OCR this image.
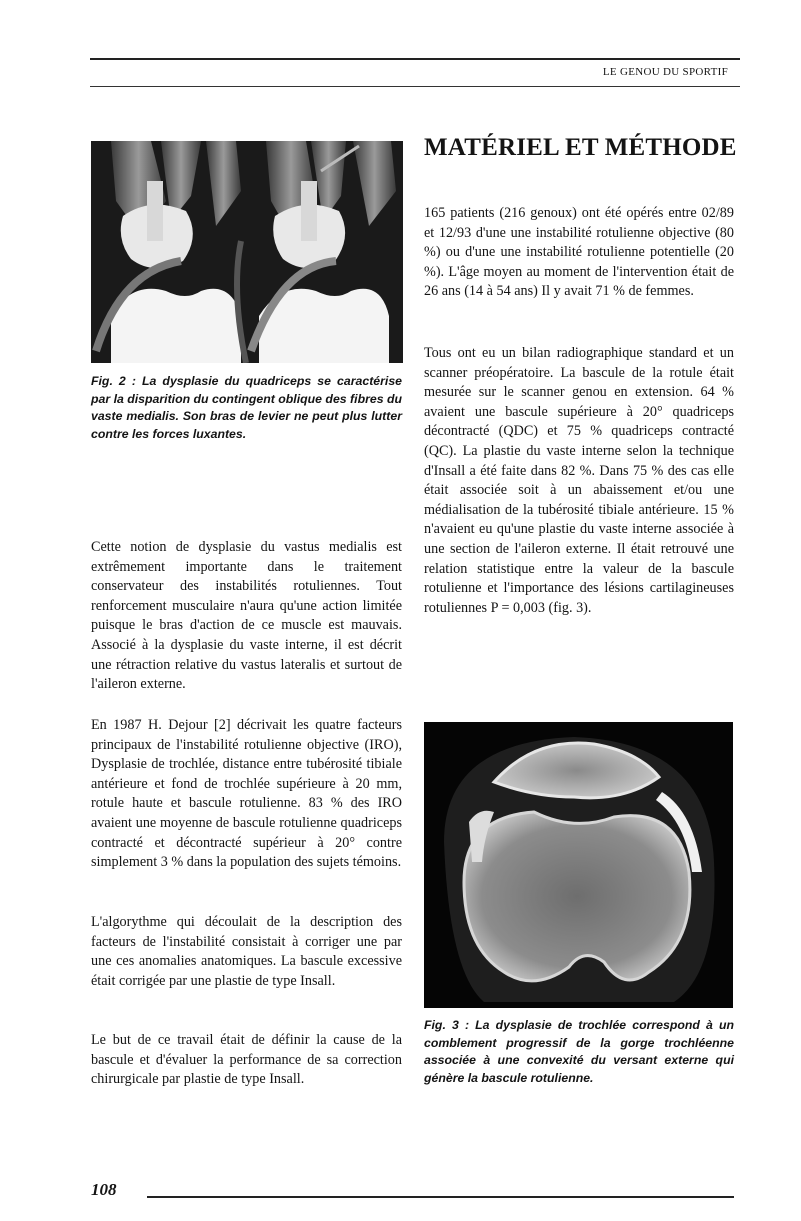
LE GENOU DU SPORTIF
Fig. 2 : La dysplasie du quadriceps se caractérise par la disparition du contingent oblique des fibres du vaste medialis. Son bras de levier ne peut plus lutter contre les forces luxantes.
MATÉRIEL ET MÉTHODE

165 patients (216 genoux) ont été opérés entre 02/89 et 12/93 d'une une instabilité rotulienne objective (80 %) ou d'une une instabilité rotulienne potentielle (20 %). L'âge moyen au moment de l'intervention était de 26 ans (14 à 54 ans) Il y avait 71 % de femmes.

Tous ont eu un bilan radiographique standard et un scanner préopératoire. La bascule de la rotule était mesurée sur le scanner genou en extension. 64 % avaient une bascule supérieure à 20° quadriceps décontracté (QDC) et 75 % quadriceps contracté (QC). La plastie du vaste interne selon la technique d'Insall a été faite dans 82 %. Dans 75 % des cas elle était associée soit à un abaissement et/ou une médialisation de la tubérosité tibiale antérieure. 15 % n'avaient eu qu'une plastie du vaste interne associée à une section de l'aileron externe. Il était retrouvé une relation statistique entre la valeur de la bascule rotulienne et l'importance des lésions cartilagineuses rotuliennes P = 0,003 (fig. 3).

Cette notion de dysplasie du vastus medialis est extrêmement importante dans le traitement conservateur des instabilités rotuliennes. Tout renforcement musculaire n'aura qu'une action limitée puisque le bras d'action de ce muscle est mauvais. Associé à la dysplasie du vaste interne, il est décrit une rétraction relative du vastus lateralis et surtout de l'aileron externe.

En 1987 H. Dejour [2] décrivait les quatre facteurs principaux de l'instabilité rotulienne objective (IRO), Dysplasie de trochlée, distance entre tubérosité tibiale antérieure et fond de trochlée supérieure à 20 mm, rotule haute et bascule rotulienne. 83 % des IRO avaient une moyenne de bascule rotulienne quadriceps contracté et décontracté supérieur à 20° contre simplement 3 % dans la population des sujets témoins.

L'algorythme qui découlait de la description des facteurs de l'instabilité consistait à corriger une par une ces anomalies anatomiques. La bascule excessive était corrigée par une plastie de type Insall.

Le but de ce travail était de définir la cause de la bascule et d'évaluer la performance de sa correction chirurgicale par plastie de type Insall.

Fig. 3 : La dysplasie de trochlée correspond à un comblement progressif de la gorge trochléenne associée à une convexité du versant externe qui génère la bascule rotulienne.
108
